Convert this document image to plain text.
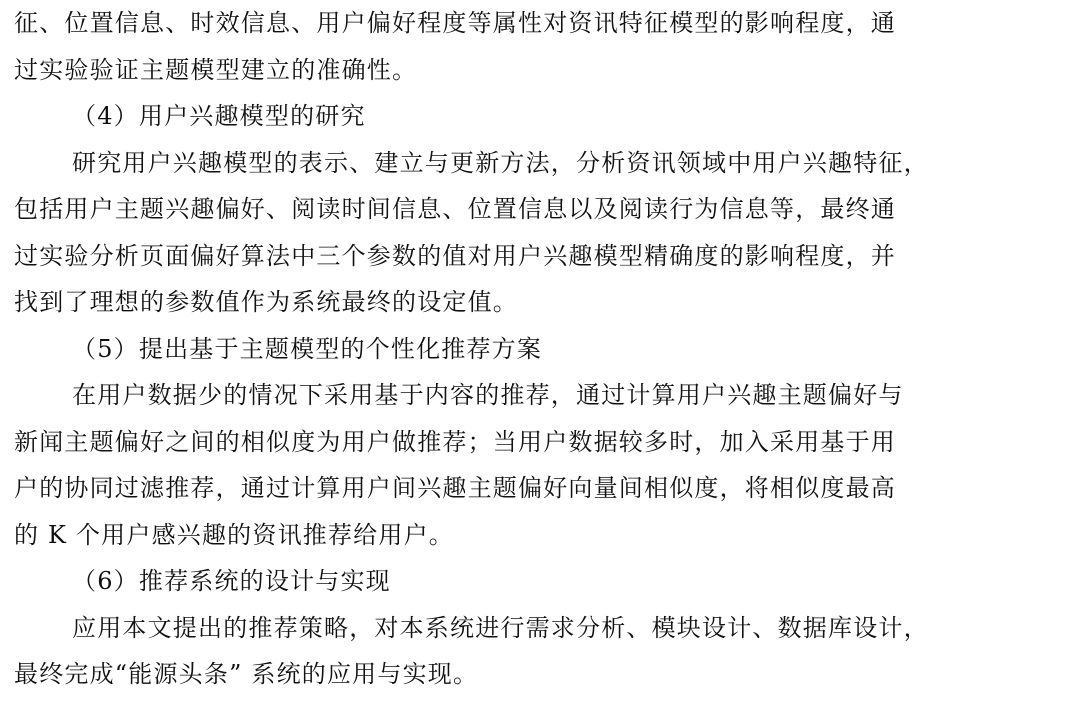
征、位置信息、时效信息、用户偏好程度等属性对资讯特征模型的影响程度，通
过实验验证主题模型建立的准确性。
（4）用户兴趣模型的研究
研究用户兴趣模型的表示、建立与更新方法，分析资讯领域中用户兴趣特征，
包括用户主题兴趣偏好、阅读时间信息、位置信息以及阅读行为信息等，最终通
过实验分析页面偏好算法中三个参数的值对用户兴趣模型精确度的影响程度，并
找到了理想的参数值作为系统最终的设定值。
（5）提出基于主题模型的个性化推荐方案
在用户数据少的情况下采用基于内容的推荐，通过计算用户兴趣主题偏好与
新闻主题偏好之间的相似度为用户做推荐；当用户数据较多时，加入采用基于用
户的协同过滤推荐，通过计算用户间兴趣主题偏好向量间相似度，将相似度最高
的 K 个用户感兴趣的资讯推荐给用户。
（6）推荐系统的设计与实现
应用本文提出的推荐策略，对本系统进行需求分析、模块设计、数据库设计，
最终完成“能源头条” 系统的应用与实现。
